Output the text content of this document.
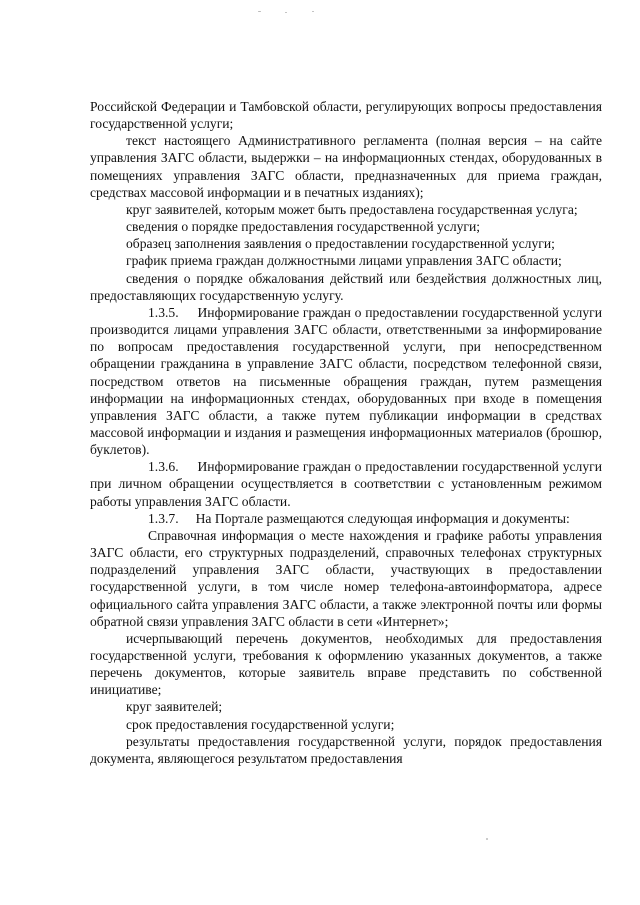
Российской Федерации и Тамбовской области, регулирующих вопросы предоставления государственной услуги;

текст настоящего Административного регламента (полная версия – на сайте управления ЗАГС области, выдержки – на информационных стендах, оборудованных в помещениях управления ЗАГС области, предназначенных для приема граждан, средствах массовой информации и в печатных изданиях);

круг заявителей, которым может быть предоставлена государственная услуга;

сведения о порядке предоставления государственной услуги;

образец заполнения заявления о предоставлении государственной услуги;

график приема граждан должностными лицами управления ЗАГС области;

сведения о порядке обжалования действий или бездействия должностных лиц, предоставляющих государственную услугу.

1.3.5.     Информирование граждан о предоставлении государственной услуги производится лицами управления ЗАГС области, ответственными за информирование по вопросам предоставления государственной услуги, при непосредственном обращении гражданина в управление ЗАГС области, посредством телефонной связи, посредством ответов на письменные обращения граждан, путем размещения информации на информационных стендах, оборудованных при входе в помещения управления ЗАГС области, а также путем публикации информации в средствах массовой информации и издания и размещения информационных материалов (брошюр, буклетов).

1.3.6.     Информирование граждан о предоставлении государственной услуги при личном обращении осуществляется в соответствии с установленным режимом работы управления ЗАГС области.

1.3.7.     На Портале размещаются следующая информация и документы:

Справочная информация о месте нахождения и графике работы управления ЗАГС области, его структурных подразделений, справочных телефонах структурных подразделений управления ЗАГС области, участвующих в предоставлении государственной услуги, в том числе номер телефона-автоинформатора, адресе официального сайта управления ЗАГС области, а также электронной почты или формы обратной связи управления ЗАГС области в сети «Интернет»;

исчерпывающий перечень документов, необходимых для предоставления государственной услуги, требования к оформлению указанных документов, а также перечень документов, которые заявитель вправе представить по собственной инициативе;

круг заявителей;

срок предоставления государственной услуги;

результаты предоставления государственной услуги, порядок предоставления документа, являющегося результатом предоставления
